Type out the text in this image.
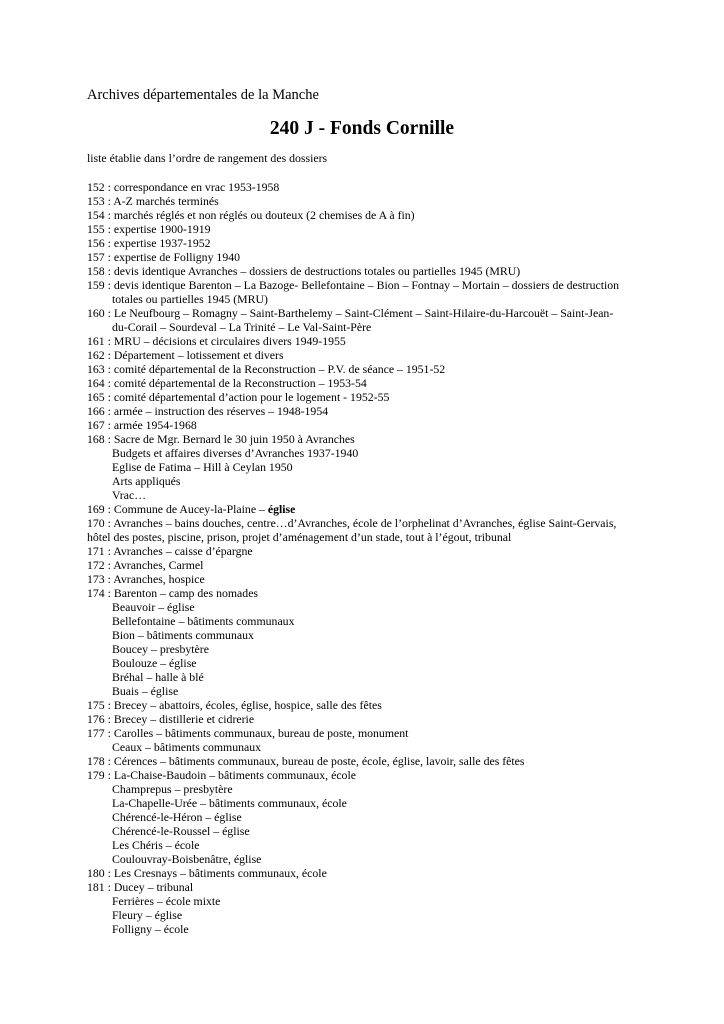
Archives départementales de la Manche
240 J - Fonds Cornille
liste établie dans l’ordre de rangement des dossiers
152 : correspondance en vrac 1953-1958
153 : A-Z marchés terminés
154 : marchés réglés et non réglés ou douteux (2 chemises de A à fin)
155 : expertise 1900-1919
156 : expertise 1937-1952
157 : expertise de Folligny 1940
158 : devis identique Avranches – dossiers de destructions totales ou partielles 1945 (MRU)
159 : devis identique Barenton – La Bazoge- Bellefontaine – Bion – Fontnay – Mortain – dossiers de destruction
totales ou partielles 1945 (MRU)
160 : Le Neufbourg – Romagny – Saint-Barthelemy – Saint-Clément – Saint-Hilaire-du-Harcouët – Saint-Jean-
du-Corail – Sourdeval – La Trinité – Le Val-Saint-Père
161 : MRU – décisions et circulaires divers 1949-1955
162 : Département – lotissement et divers
163 : comité départemental de la Reconstruction – P.V. de séance – 1951-52
164 : comité départemental de la Reconstruction – 1953-54
165 : comité départemental d’action pour le logement - 1952-55
166 : armée – instruction des réserves – 1948-1954
167 : armée 1954-1968
168 : Sacre de Mgr. Bernard le 30 juin 1950 à Avranches
Budgets et affaires diverses d’Avranches 1937-1940
Eglise de Fatima – Hill à Ceylan 1950
Arts appliqués
Vrac…
169 : Commune de Aucey-la-Plaine – église
170 : Avranches – bains douches, centre…d’Avranches, école de l’orphelinat d’Avranches, église Saint-Gervais,
hôtel des postes, piscine, prison, projet d’aménagement d’un stade, tout à l’égout, tribunal
171 : Avranches – caisse d’épargne
172 : Avranches, Carmel
173 : Avranches, hospice
174 : Barenton – camp des nomades
Beauvoir – église
Bellefontaine – bâtiments communaux
Bion – bâtiments communaux
Boucey – presbytère
Boulouze – église
Bréhal – halle à blé
Buais – église
175 : Brecey – abattoirs, écoles, église, hospice, salle des fêtes
176 : Brecey – distillerie et cidrerie
177 : Carolles – bâtiments communaux, bureau de poste, monument
Ceaux – bâtiments communaux
178 : Cérences – bâtiments communaux, bureau de poste, école, église, lavoir, salle des fêtes
179 : La-Chaise-Baudoin – bâtiments communaux, école
Champrepus – presbytère
La-Chapelle-Urée – bâtiments communaux, école
Chérencé-le-Héron – église
Chérencé-le-Roussel – église
Les Chéris – école
Coulouvray-Boisbenâtre, église
180 : Les Cresnays – bâtiments communaux, école
181 : Ducey – tribunal
Ferrières – école mixte
Fleury – église
Folligny – école
